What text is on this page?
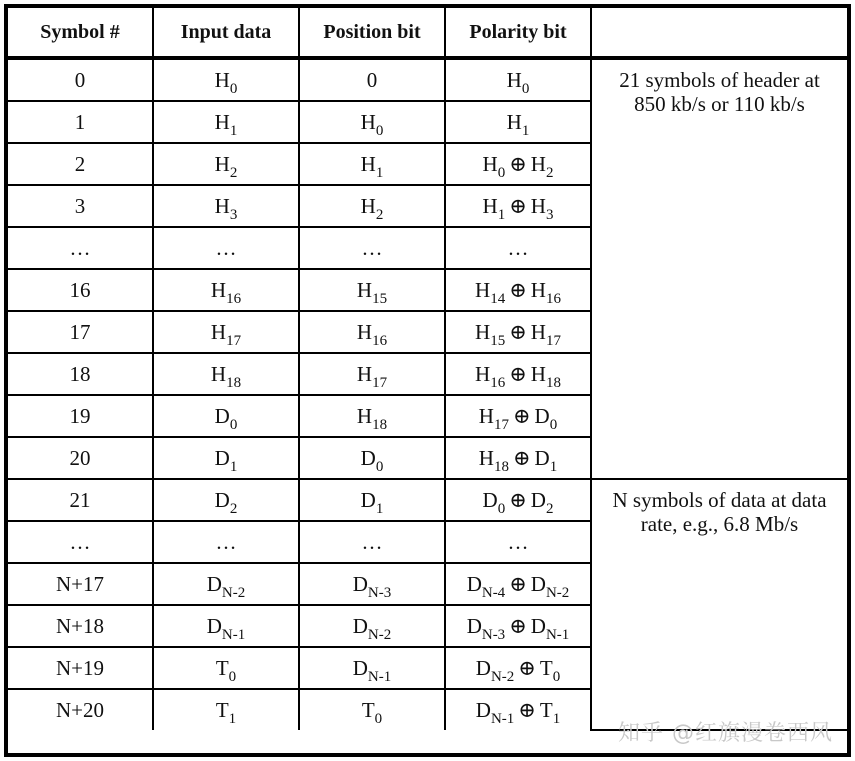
Symbol #	Input data	Position bit	Polarity bit	
0	$H_0$	0	$H_0$	21 symbols of header at 850 kb/s or 110 kb/s

1	$H_1$	$H_0$	$H_1$
2	$H_2$	$H_1$	$H_0$ ⊕ $H_2$
3	$H_3$	$H_2$	$H_1$ ⊕ $H_3$
…	…	…	…	
16	$H_{16}$	$H_{15}$	$H_{14}$ ⊕ $H_{16}$
17	$H_{17}$	$H_{16}$	$H_{15}$ ⊕ $H_{17}$
18	$H_{18}$	$H_{17}$	$H_{16}$ ⊕ $H_{18}$
19	$D_0$	$H_{18}$	$H_{17}$ ⊕ $D_0$
20	$D_1$	$D_0$	$H_{18}$ ⊕ $D_1$
21	$D_2$	$D_1$	$D_0$ ⊕ $D_2$	N symbols of data at data rate, e.g., 6.8 Mb/s

…	…	…	…	
N+17	$D_{N-2}$	$D_{N-3}$	$D_{N-4}$ ⊕ $D_{N-2}$
N+18	$D_{N-1}$	$D_{N-2}$	$D_{N-3}$ ⊕ $D_{N-1}$
N+19	$T_0$	$D_{N-1}$	$D_{N-2}$ ⊕ $T_0$
N+20	$T_1$	$T_0$	$D_{N-1}$ ⊕ $T_1$
知乎 @红旗漫卷西风
